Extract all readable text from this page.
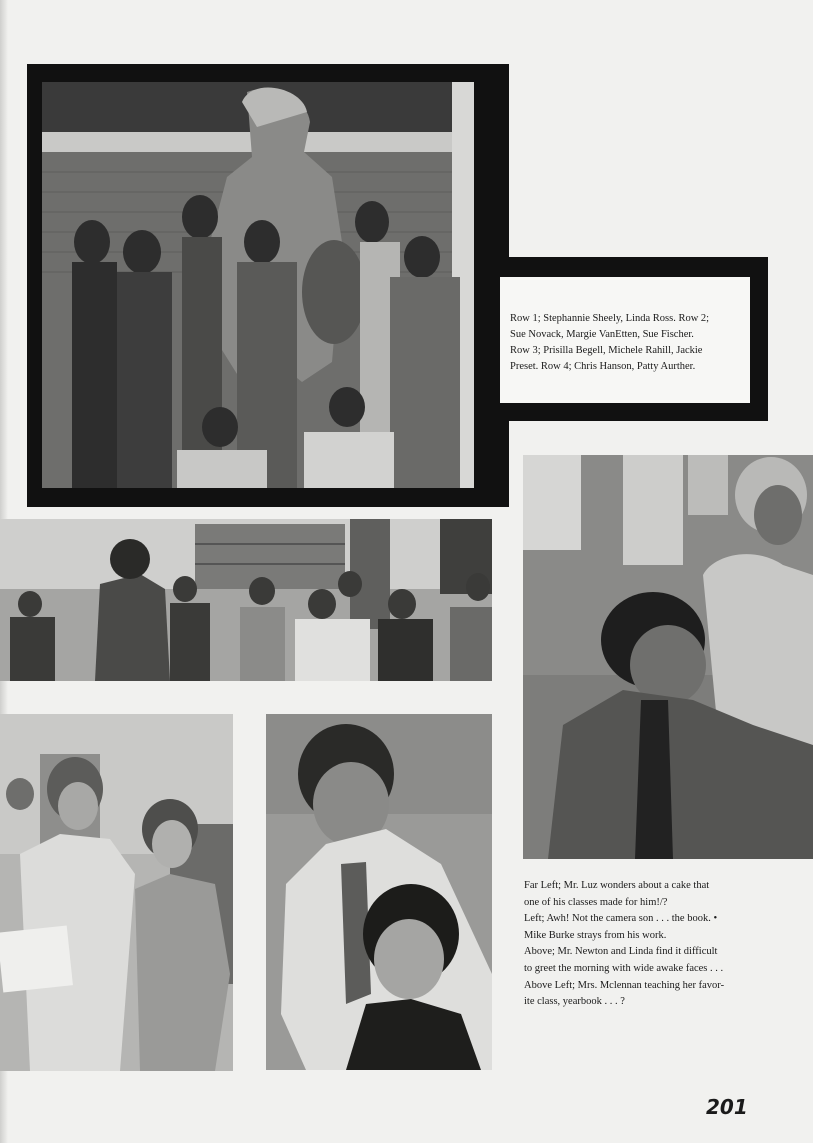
Row 1; Stephannie Sheely, Linda Ross. Row 2;
Sue Novack, Margie VanEtten, Sue Fischer.
Row 3; Prisilla Begell, Michele Rahill, Jackie
Preset. Row 4; Chris Hanson, Patty Aurther.
Far Left; Mr. Luz wonders about a cake that
one of his classes made for him!/?
Left; Awh! Not the camera son . . . the book. •
Mike Burke strays from his work.
Above; Mr. Newton and Linda find it difficult
to greet the morning with wide awake faces . . .
Above Left; Mrs. Mclennan teaching her favor-
ite class, yearbook . . . ?
201
